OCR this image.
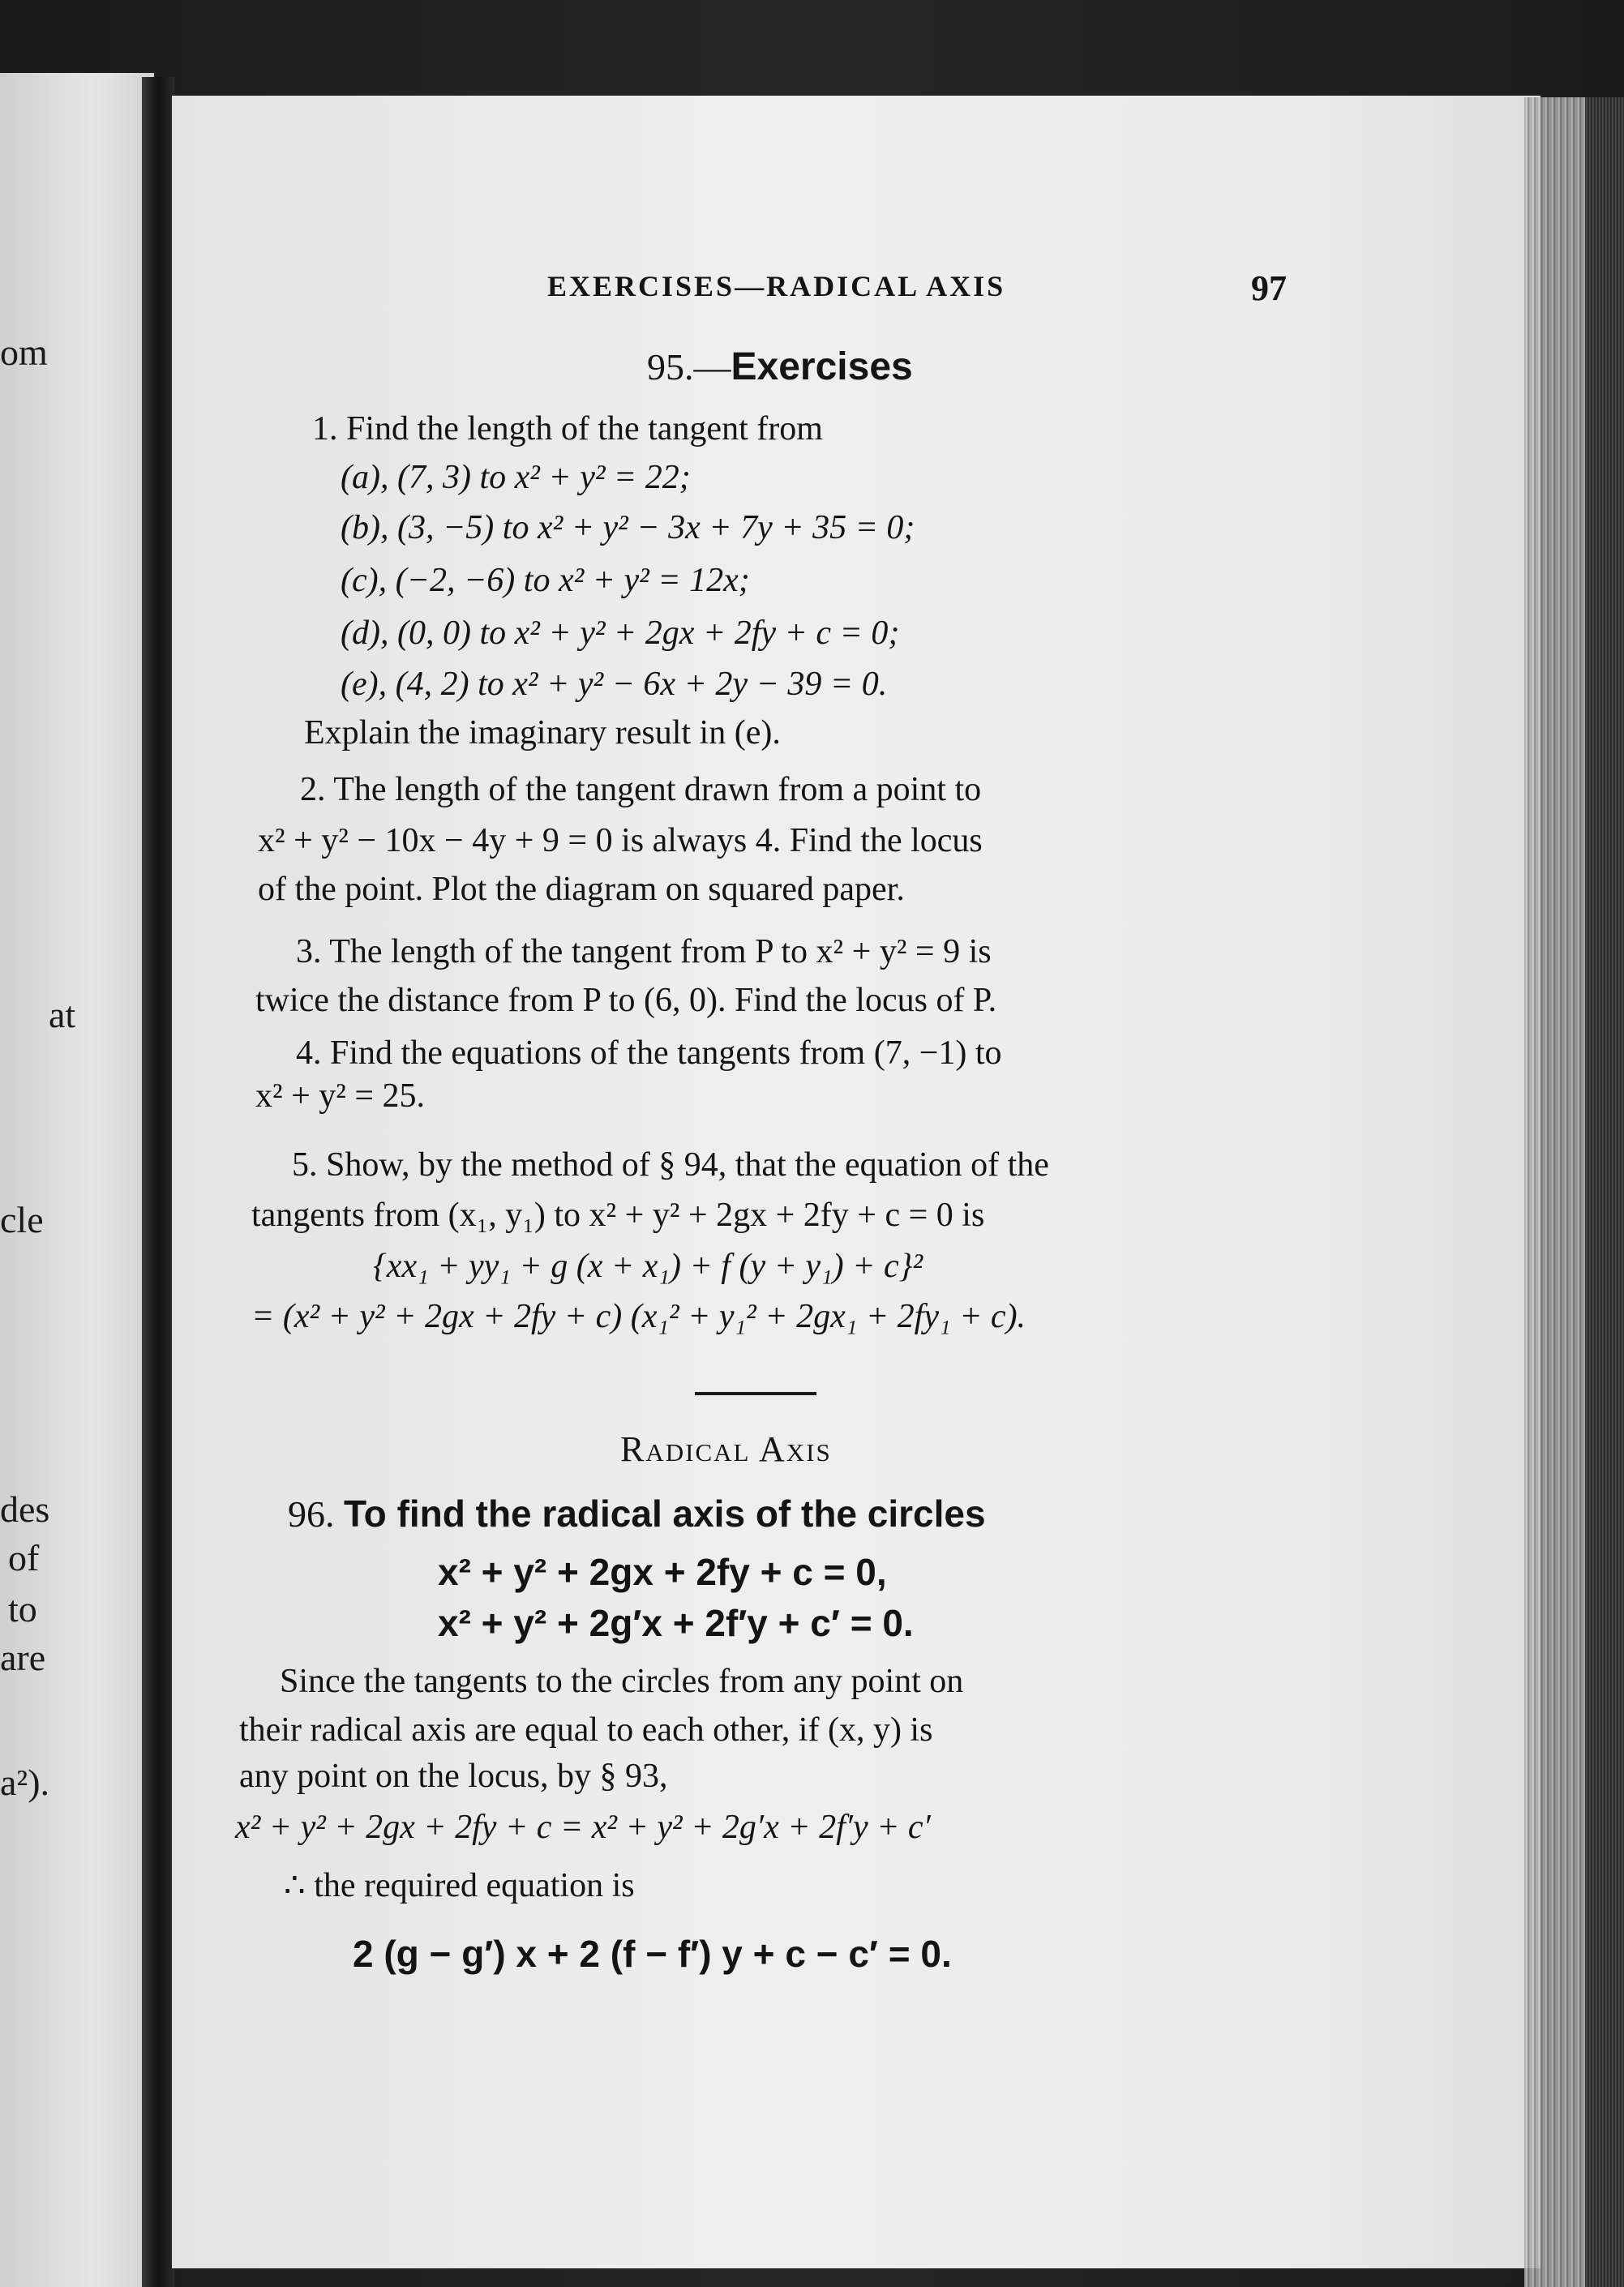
om
at
cle
des
of
to
are
a²).
EXERCISES—RADICAL AXIS	97
95.—Exercises
1. Find the length of the tangent from
(a), (7, 3) to x² + y² = 22;
(b), (3, −5) to x² + y² − 3x + 7y + 35 = 0;
(c), (−2, −6) to x² + y² = 12x;
(d), (0, 0) to x² + y² + 2gx + 2fy + c = 0;
(e), (4, 2) to x² + y² − 6x + 2y − 39 = 0.
Explain the imaginary result in (e).
2. The length of the tangent drawn from a point to
x² + y² − 10x − 4y + 9 = 0 is always 4. Find the locus
of the point. Plot the diagram on squared paper.
3. The length of the tangent from P to x² + y² = 9 is
twice the distance from P to (6, 0). Find the locus of P.
4. Find the equations of the tangents from (7, −1) to
x² + y² = 25.
5. Show, by the method of § 94, that the equation of the
tangents from (x₁, y₁) to x² + y² + 2gx + 2fy + c = 0 is
{xx₁ + yy₁ + g (x + x₁) + f (y + y₁) + c}²
= (x² + y² + 2gx + 2fy + c) (x₁² + y₁² + 2gx₁ + 2fy₁ + c).
Radical Axis
96. To find the radical axis of the circles
x² + y² + 2gx + 2fy + c = 0,
x² + y² + 2g′x + 2f′y + c′ = 0.
Since the tangents to the circles from any point on
their radical axis are equal to each other, if (x, y) is
any point on the locus, by § 93,
x² + y² + 2gx + 2fy + c = x² + y² + 2g′x + 2f′y + c′
∴ the required equation is
2 (g − g′) x + 2 (f − f′) y + c − c′ = 0.
